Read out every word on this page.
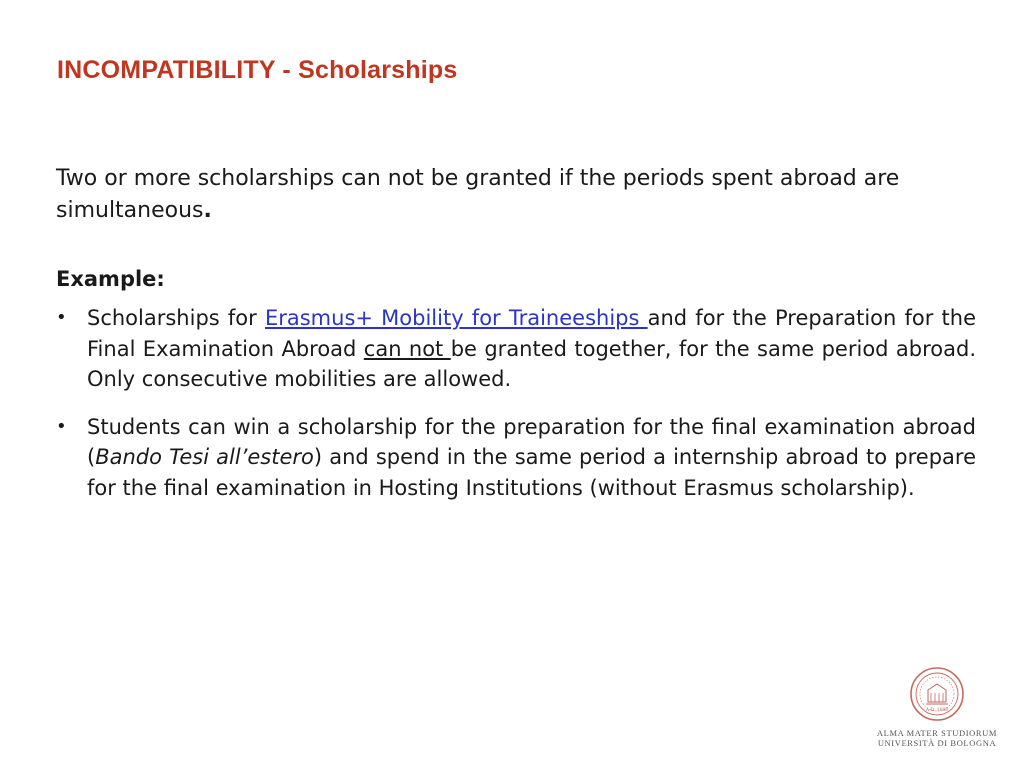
INCOMPATIBILITY - Scholarships

Two or more scholarships can not be granted if the periods spent abroad are simultaneous.

Example:

• Scholarships for Erasmus+ Mobility for Traineeships and for the Preparation for the Final Examination Abroad can not be granted together, for the same period abroad. Only consecutive mobilities are allowed.
• Students can win a scholarship for the preparation for the final examination abroad (Bando Tesi all’estero) and spend in the same period a internship abroad to prepare for the final examination in Hosting Institutions (without Erasmus scholarship).
A.D. 1088
ALMA MATER STUDIORUM
UNIVERSITÀ DI BOLOGNA
